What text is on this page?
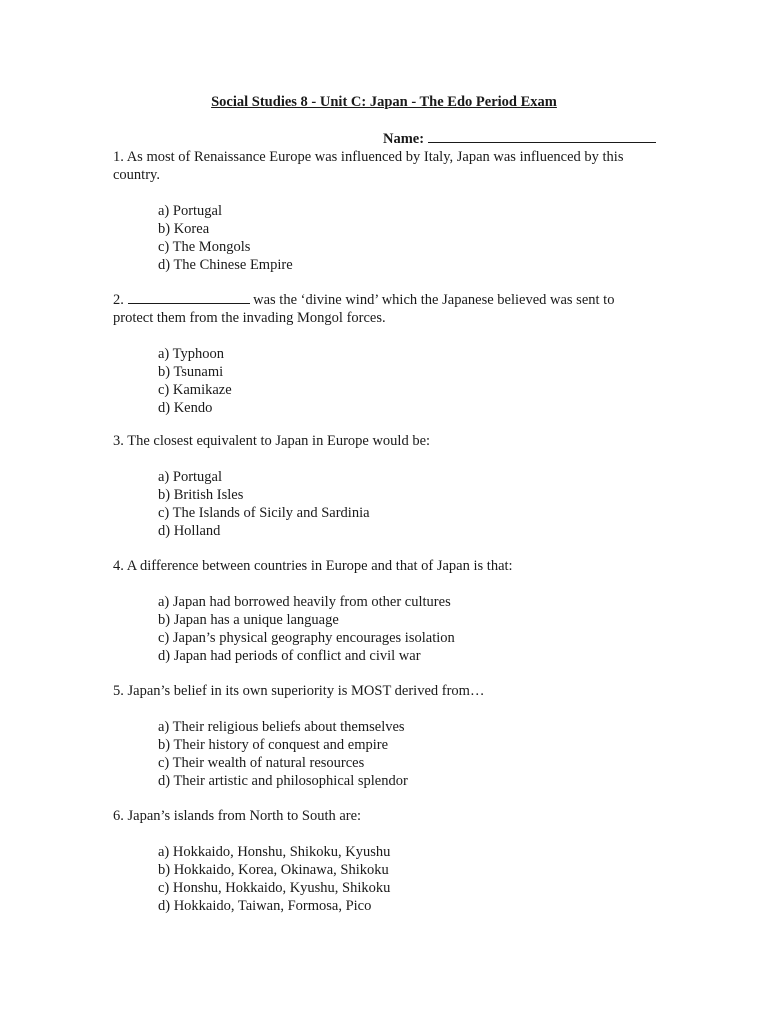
Social Studies 8 - Unit C: Japan - The Edo Period Exam
Name:

1. As most of Renaissance Europe was influenced by Italy, Japan was influenced by this country.

a) Portugal
b) Korea
c) The Mongols
d) The Chinese Empire

2.	was the ‘divine wind’ which the Japanese believed was sent to protect them from the invading Mongol forces.

a) Typhoon
b) Tsunami
c) Kamikaze
d) Kendo

3. The closest equivalent to Japan in Europe would be:

a) Portugal
b) British Isles
c) The Islands of Sicily and Sardinia
d) Holland

4. A difference between countries in Europe and that of Japan is that:

a) Japan had borrowed heavily from other cultures
b) Japan has a unique language
c) Japan’s physical geography encourages isolation
d) Japan had periods of conflict and civil war

5. Japan’s belief in its own superiority is MOST derived from…

a) Their religious beliefs about themselves
b) Their history of conquest and empire
c) Their wealth of natural resources
d) Their artistic and philosophical splendor

6. Japan’s islands from North to South are:

a) Hokkaido, Honshu, Shikoku, Kyushu
b) Hokkaido, Korea, Okinawa, Shikoku
c) Honshu, Hokkaido, Kyushu, Shikoku
d) Hokkaido, Taiwan, Formosa, Pico
